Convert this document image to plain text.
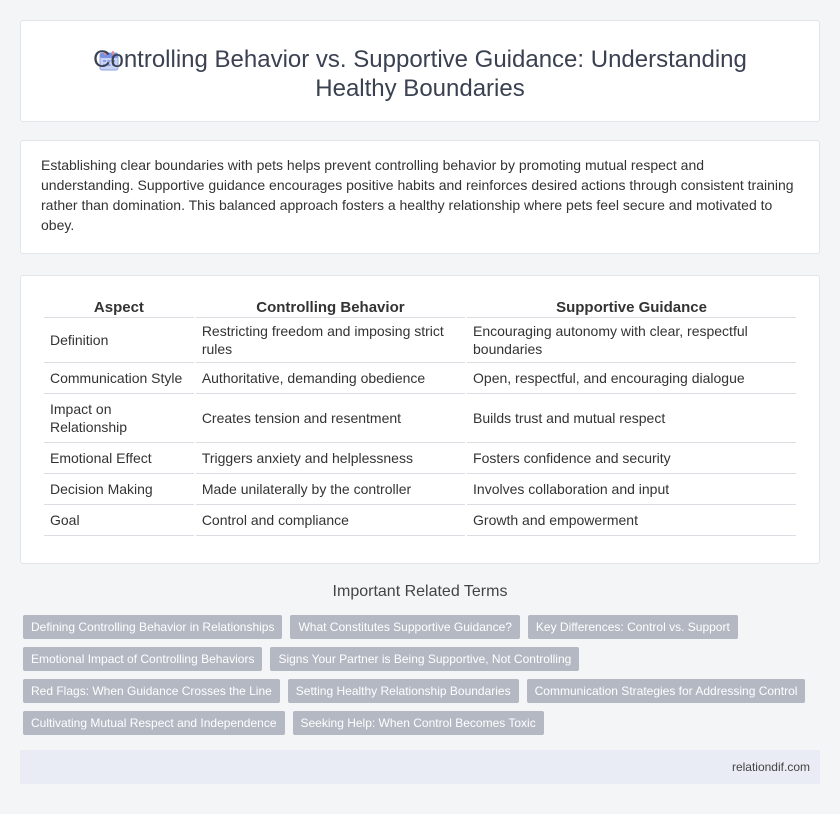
Controlling Behavior vs. Supportive Guidance: Understanding Healthy Boundaries

Establishing clear boundaries with pets helps prevent controlling behavior by promoting mutual respect and understanding. Supportive guidance encourages positive habits and reinforces desired actions through consistent training rather than domination. This balanced approach fosters a healthy relationship where pets feel secure and motivated to obey.

Aspect	Controlling Behavior	Supportive Guidance
Definition	Restricting freedom and imposing strict rules	Encouraging autonomy with clear, respectful boundaries
Communication Style	Authoritative, demanding obedience	Open, respectful, and encouraging dialogue
Impact on Relationship	Creates tension and resentment	Builds trust and mutual respect
Emotional Effect	Triggers anxiety and helplessness	Fosters confidence and security
Decision Making	Made unilaterally by the controller	Involves collaboration and input
Goal	Control and compliance	Growth and empowerment
Important Related Terms
Defining Controlling Behavior in Relationships	What Constitutes Supportive Guidance?	Key Differences: Control vs. Support
Emotional Impact of Controlling Behaviors	Signs Your Partner is Being Supportive, Not Controlling
Red Flags: When Guidance Crosses the Line	Setting Healthy Relationship Boundaries	Communication Strategies for Addressing Control
Cultivating Mutual Respect and Independence	Seeking Help: When Control Becomes Toxic
relationdif.com
